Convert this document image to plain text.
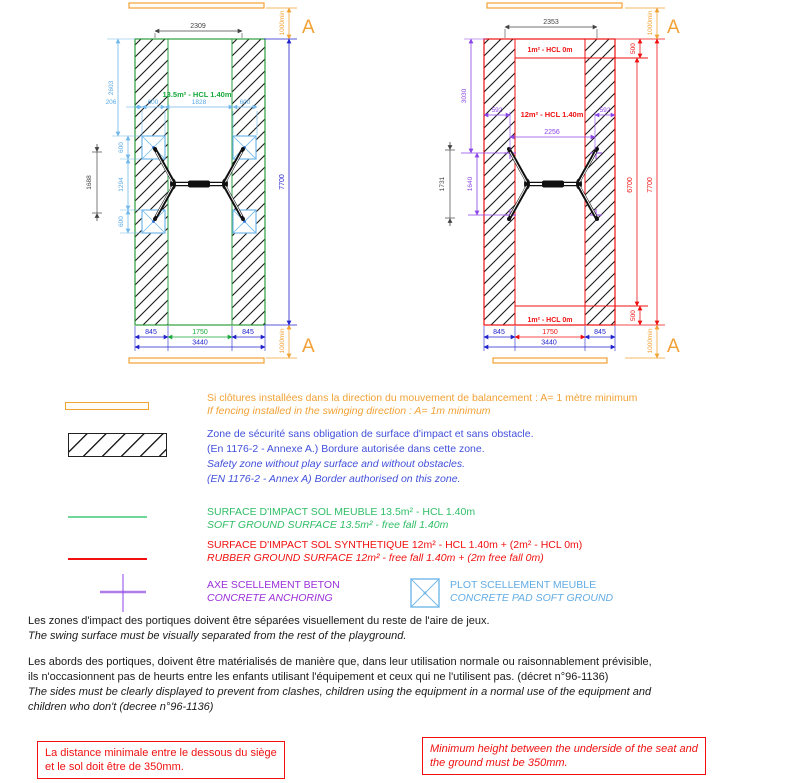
2309	1000min
1000min
A
A
7700
2603
206	600	1828	600
13.5m² - HCL 1.40m
600
1294
600
1688
845	1750	845
3440
1m² - HCL 0m
12m² - HCL 1.40m
1m² - HCL 0m
2353	1000min
1000min
A
A
500
500
6700 7700
3030
1640
592	592
2256
1731
845	1750	845
3440
Si clôtures installées dans la direction du mouvement de balancement : A= 1 mètre minimum
If fencing installed in the swinging direction : A= 1m minimum
Zone de sécurité sans obligation de surface d'impact et sans obstacle.
(En 1176-2 - Annexe A.) Bordure autorisée dans cette zone.
Safety zone without play surface and without obstacles.
(EN 1176-2 - Annex A) Border authorised on this zone.
SURFACE D'IMPACT SOL MEUBLE 13.5m² - HCL 1.40m
SOFT GROUND SURFACE 13.5m² - free fall 1.40m
SURFACE D'IMPACT SOL SYNTHETIQUE 12m² - HCL 1.40m + (2m² - HCL 0m)
RUBBER GROUND SURFACE 12m² - free fall 1.40m + (2m free fall 0m)
AXE SCELLEMENT BETON
CONCRETE ANCHORING
PLOT SCELLEMENT MEUBLE
CONCRETE PAD SOFT GROUND
Les zones d'impact des portiques doivent être séparées visuellement du reste de l'aire de jeux.
The swing surface must be visually separated from the rest of the playground.
Les abords des portiques, doivent être matérialisés de manière que, dans leur utilisation normale ou raisonnablement prévisible,
ils n'occasionnent pas de heurts entre les enfants utilisant l'équipement et ceux qui ne l'utilisent pas. (décret n°96-1136)
The sides must be clearly displayed to prevent from clashes, children using the equipment in a normal use of the equipment and
children who don't (decree n°96-1136)
La distance minimale entre le dessous du siège
et le sol doit être de 350mm.
Minimum height between the underside of the seat and
the ground must be 350mm.
